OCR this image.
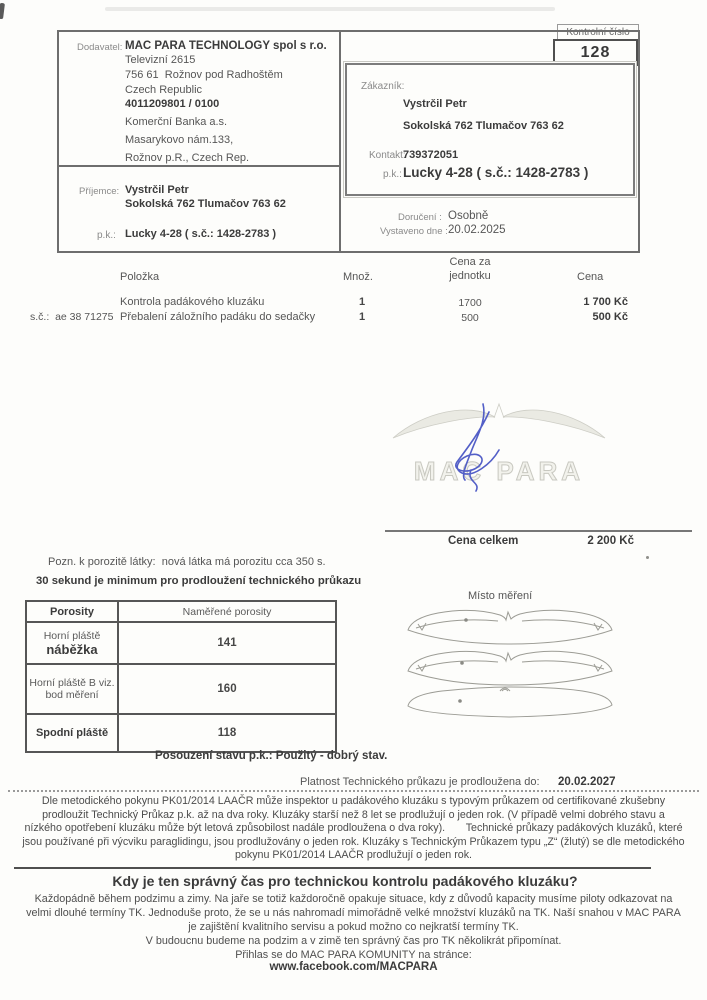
Kontrolní číslo
128
Dodavatel: MAC PARA TECHNOLOGY spol s r.o.
Televizní 2615
756 61  Rožnov pod Radhoštěm
Czech Republic
4011209801 / 0100
Komerční Banka a.s.
Masarykovo nám.133,
Rožnov p.R., Czech Rep.
Příjemce: Vystrčil Petr
Sokolská 762 Tlumačov 763 62
p.k.: Lucky 4-28 ( s.č.: 1428-2783 )
Zákazník:
Vystrčil Petr
Sokolská 762 Tlumačov 763 62
Kontakt:
739372051
p.k.: Lucky 4-28 ( s.č.: 1428-2783 )
Doručení : Osobně
Vystaveno dne : 20.02.2025
Položka	Množ.
Cena za
jednotku	Cena
Kontrola padákového kluzáku	1	1700	1 700 Kč
s.č.:  ae 38 71275 Přebalení záložního padáku do sedačky	1	500	500 Kč
MAC PARA
Cena celkem	2 200 Kč
Pozn. k porozitě látky:  nová látka má porozitu cca 350 s.
30 sekund je minimum pro prodloužení technického průkazu
Porosity	Naměřené porosity
Horní pláště
náběžka	141
Horní pláště B viz.
bod měření	160
Spodní pláště	118
Místo měření
Posouzení stavu p.k.: Použitý - dobrý stav.
Platnost Technického průkazu je prodloužena do: 20.02.2027
Dle metodického pokynu PK01/2014 LAAČR může inspektor u padákového kluzáku s typovým průkazem od certifikované zkušebny prodloužit Technický Průkaz p.k. až na dva roky. Kluzáky starší než 8 let se prodlužují o jeden rok. (V případě velmi dobrého stavu a nízkého opotřebení kluzáku může být letová způsobilost nadále prodloužena o dva roky).       Technické průkazy padákových kluzáků, které jsou používané při výcviku paraglidingu, jsou prodlužovány o jeden rok. Kluzáky s Technickým Průkazem typu „Z“ (žlutý) se dle metodického pokynu PK01/2014 LAAČR prodlužují o jeden rok.
Kdy je ten správný čas pro technickou kontrolu padákového kluzáku?
Každopádně během podzimu a zimy. Na jaře se totiž každoročně opakuje situace, kdy z důvodů kapacity musíme piloty odkazovat na velmi dlouhé termíny TK. Jednoduše proto, že se u nás nahromadí mimořádně velké množství kluzáků na TK. Naší snahou v MAC PARA je zajištění kvalitního servisu a pokud možno co nejkratší termíny TK.
V budoucnu budeme na podzim a v zimě ten správný čas pro TK několikrát připomínat.
Přihlas se do MAC PARA KOMUNITY na stránce:
www.facebook.com/MACPARA
